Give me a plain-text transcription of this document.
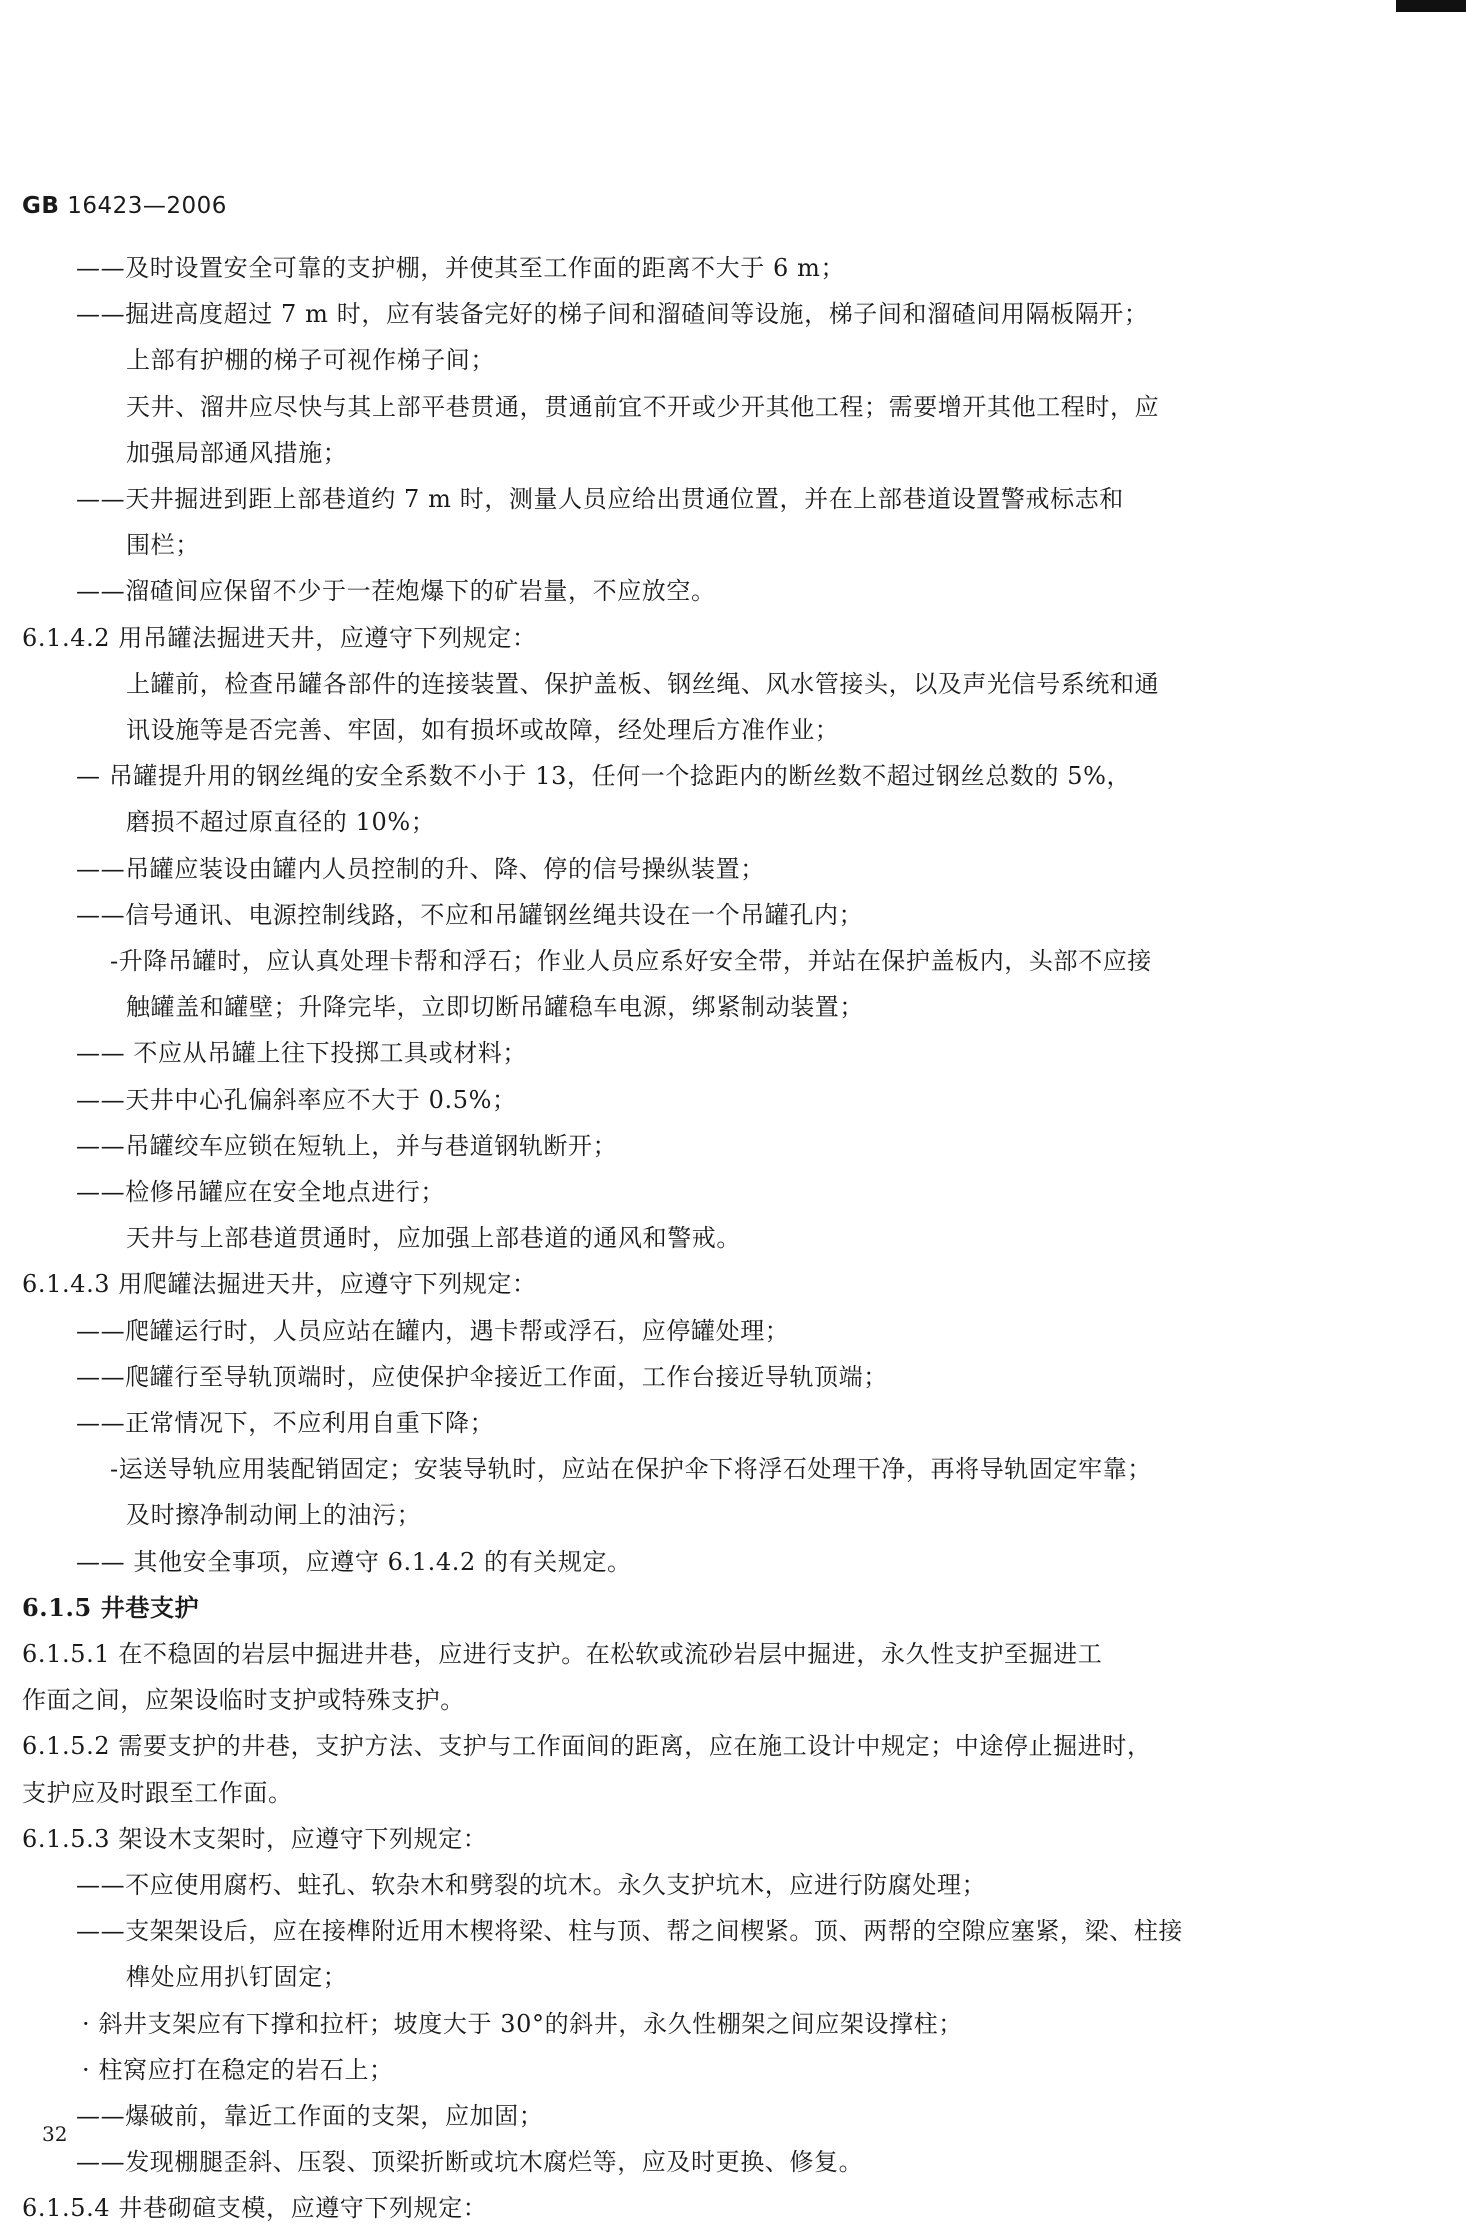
GB 16423—2006
——及时设置安全可靠的支护棚，并使其至工作面的距离不大于 6 m；
——掘进高度超过 7 m 时，应有装备完好的梯子间和溜碴间等设施，梯子间和溜碴间用隔板隔开；
上部有护棚的梯子可视作梯子间；
天井、溜井应尽快与其上部平巷贯通，贯通前宜不开或少开其他工程；需要增开其他工程时，应
加强局部通风措施；
——天井掘进到距上部巷道约 7 m 时，测量人员应给出贯通位置，并在上部巷道设置警戒标志和
围栏；
——溜碴间应保留不少于一茬炮爆下的矿岩量，不应放空。
6.1.4.2 用吊罐法掘进天井，应遵守下列规定：
上罐前，检查吊罐各部件的连接装置、保护盖板、钢丝绳、风水管接头，以及声光信号系统和通
讯设施等是否完善、牢固，如有损坏或故障，经处理后方准作业；
— 吊罐提升用的钢丝绳的安全系数不小于 13，任何一个捻距内的断丝数不超过钢丝总数的 5%，
磨损不超过原直径的 10%；
——吊罐应装设由罐内人员控制的升、降、停的信号操纵装置；
——信号通讯、电源控制线路，不应和吊罐钢丝绳共设在一个吊罐孔内；
-升降吊罐时，应认真处理卡帮和浮石；作业人员应系好安全带，并站在保护盖板内，头部不应接
触罐盖和罐壁；升降完毕，立即切断吊罐稳车电源，绑紧制动装置；
—— 不应从吊罐上往下投掷工具或材料；
——天井中心孔偏斜率应不大于 0.5%；
——吊罐绞车应锁在短轨上，并与巷道钢轨断开；
——检修吊罐应在安全地点进行；
天井与上部巷道贯通时，应加强上部巷道的通风和警戒。
6.1.4.3 用爬罐法掘进天井，应遵守下列规定：
——爬罐运行时，人员应站在罐内，遇卡帮或浮石，应停罐处理；
——爬罐行至导轨顶端时，应使保护伞接近工作面，工作台接近导轨顶端；
——正常情况下，不应利用自重下降；
-运送导轨应用装配销固定；安装导轨时，应站在保护伞下将浮石处理干净，再将导轨固定牢靠；
及时擦净制动闸上的油污；
—— 其他安全事项，应遵守 6.1.4.2 的有关规定。
6.1.5 井巷支护
6.1.5.1 在不稳固的岩层中掘进井巷，应进行支护。在松软或流砂岩层中掘进，永久性支护至掘进工
作面之间，应架设临时支护或特殊支护。
6.1.5.2 需要支护的井巷，支护方法、支护与工作面间的距离，应在施工设计中规定；中途停止掘进时，
支护应及时跟至工作面。
6.1.5.3 架设木支架时，应遵守下列规定：
——不应使用腐朽、蛀孔、软杂木和劈裂的坑木。永久支护坑木，应进行防腐处理；
——支架架设后，应在接榫附近用木楔将梁、柱与顶、帮之间楔紧。顶、两帮的空隙应塞紧，梁、柱接
榫处应用扒钉固定；
· 斜井支架应有下撑和拉杆；坡度大于 30°的斜井，永久性棚架之间应架设撑柱；
· 柱窝应打在稳定的岩石上；
——爆破前，靠近工作面的支架，应加固；
——发现棚腿歪斜、压裂、顶梁折断或坑木腐烂等，应及时更换、修复。
6.1.5.4 井巷砌碹支模，应遵守下列规定：
32
